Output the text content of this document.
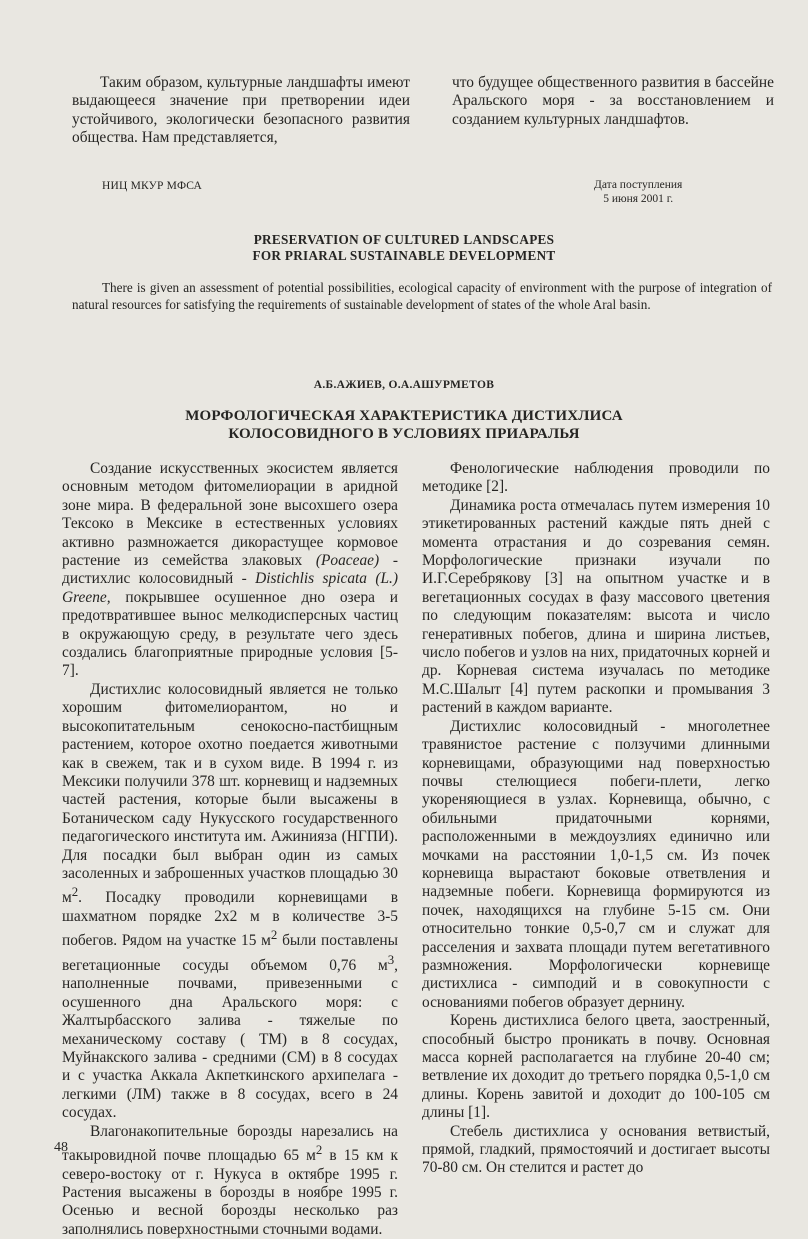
Таким образом, культурные ландшафты имеют выдающееся значение при претворении идеи устойчивого, экологически безопасного развития общества. Нам представляется,

что будущее общественного развития в бассейне Аральского моря - за восстановлением и созданием культурных ландшафтов.

НИЦ МКУР МФСА	Дата поступления
5 июня 2001 г.
PRESERVATION OF CULTURED LANDSCAPES
FOR PRIARAL SUSTAINABLE DEVELOPMENT
There is given an assessment of potential possibilities, ecological capacity of environment with the purpose of integration of natural resources for satisfying the requirements of sustainable development of states of the whole Aral basin.
А.Б.АЖИЕВ, О.А.АШУРМЕТОВ
МОРФОЛОГИЧЕСКАЯ ХАРАКТЕРИСТИКА ДИСТИХЛИСА
КОЛОСОВИДНОГО В УСЛОВИЯХ ПРИАРАЛЬЯ

Создание искусственных экосистем является основным методом фитомелиорации в аридной зоне мира. В федеральной зоне высохшего озера Тексоко в Мексике в естественных условиях активно размножается дикорастущее кормовое растение из семейства злаковых (Poaceae) - дистихлис колосовидный - Distichlis spicata (L.) Greene, покрывшее осушенное дно озера и предотвратившее вынос мелкодисперсных частиц в окружающую среду, в результате чего здесь создались благоприятные природные условия [5-7].

Дистихлис колосовидный является не только хорошим фитомелиорантом, но и высокопитательным сенокосно-пастбищным растением, которое охотно поедается животными как в свежем, так и в сухом виде. В 1994 г. из Мексики получили 378 шт. корневищ и надземных частей растения, которые были высажены в Ботаническом саду Нукусского государственного педагогического института им. Ажинияза (НГПИ). Для посадки был выбран один из самых засоленных и заброшенных участков площадью 30 $м^2$. Посадку проводили корневищами в шахматном порядке 2х2 м в количестве 3-5 побегов. Рядом на участке 15 $м^2$ были поставлены вегетационные сосуды объемом 0,76 $м^3$, наполненные почвами, привезенными с осушенного дна Аральского моря: с Жалтырбасского залива - тяжелые по механическому составу ( ТМ) в 8 сосудах, Муйнакского залива - средними (СМ) в 8 сосудах и с участка Аккала Акпеткинского архипелага - легкими (ЛМ) также в 8 сосудах, всего в 24 сосудах.

Влагонакопительные борозды нарезались на такыровидной почве площадью 65 $м^2$ в 15 км к северо-востоку от г. Нукуса в октябре 1995 г. Растения высажены в борозды в ноябре 1995 г. Осенью и весной борозды несколько раз заполнялись поверхностными сточными водами.

Фенологические наблюдения проводили по методике [2].

Динамика роста отмечалась путем измерения 10 этикетированных растений каждые пять дней с момента отрастания и до созревания семян. Морфологические признаки изучали по И.Г.Серебрякову [3] на опытном участке и в вегетационных сосудах в фазу массового цветения по следующим показателям: высота и число генеративных побегов, длина и ширина листьев, число побегов и узлов на них, придаточных корней и др. Корневая система изучалась по методике М.С.Шалыт [4] путем раскопки и промывания 3 растений в каждом варианте.

Дистихлис колосовидный - многолетнее травянистое растение с ползучими длинными корневищами, образующими над поверхностью почвы стелющиеся побеги-плети, легко укореняющиеся в узлах. Корневища, обычно, с обильными придаточными корнями, расположенными в междоузлиях единично или мочками на расстоянии 1,0-1,5 см. Из почек корневища вырастают боковые ответвления и надземные побеги. Корневища формируются из почек, находящихся на глубине 5-15 см. Они относительно тонкие 0,5-0,7 см и служат для расселения и захвата площади путем вегетативного размножения. Морфологически корневище дистихлиса - симподий и в совокупности с основаниями побегов образует дернину.

Корень дистихлиса белого цвета, заостренный, способный быстро проникать в почву. Основная масса корней располагается на глубине 20-40 см; ветвление их доходит до третьего порядка 0,5-1,0 см длины. Корень завитой и доходит до 100-105 см длины [1].

Стебель дистихлиса у основания ветвистый, прямой, гладкий, прямостоячий и достигает высоты 70-80 см. Он стелится и растет до

48
